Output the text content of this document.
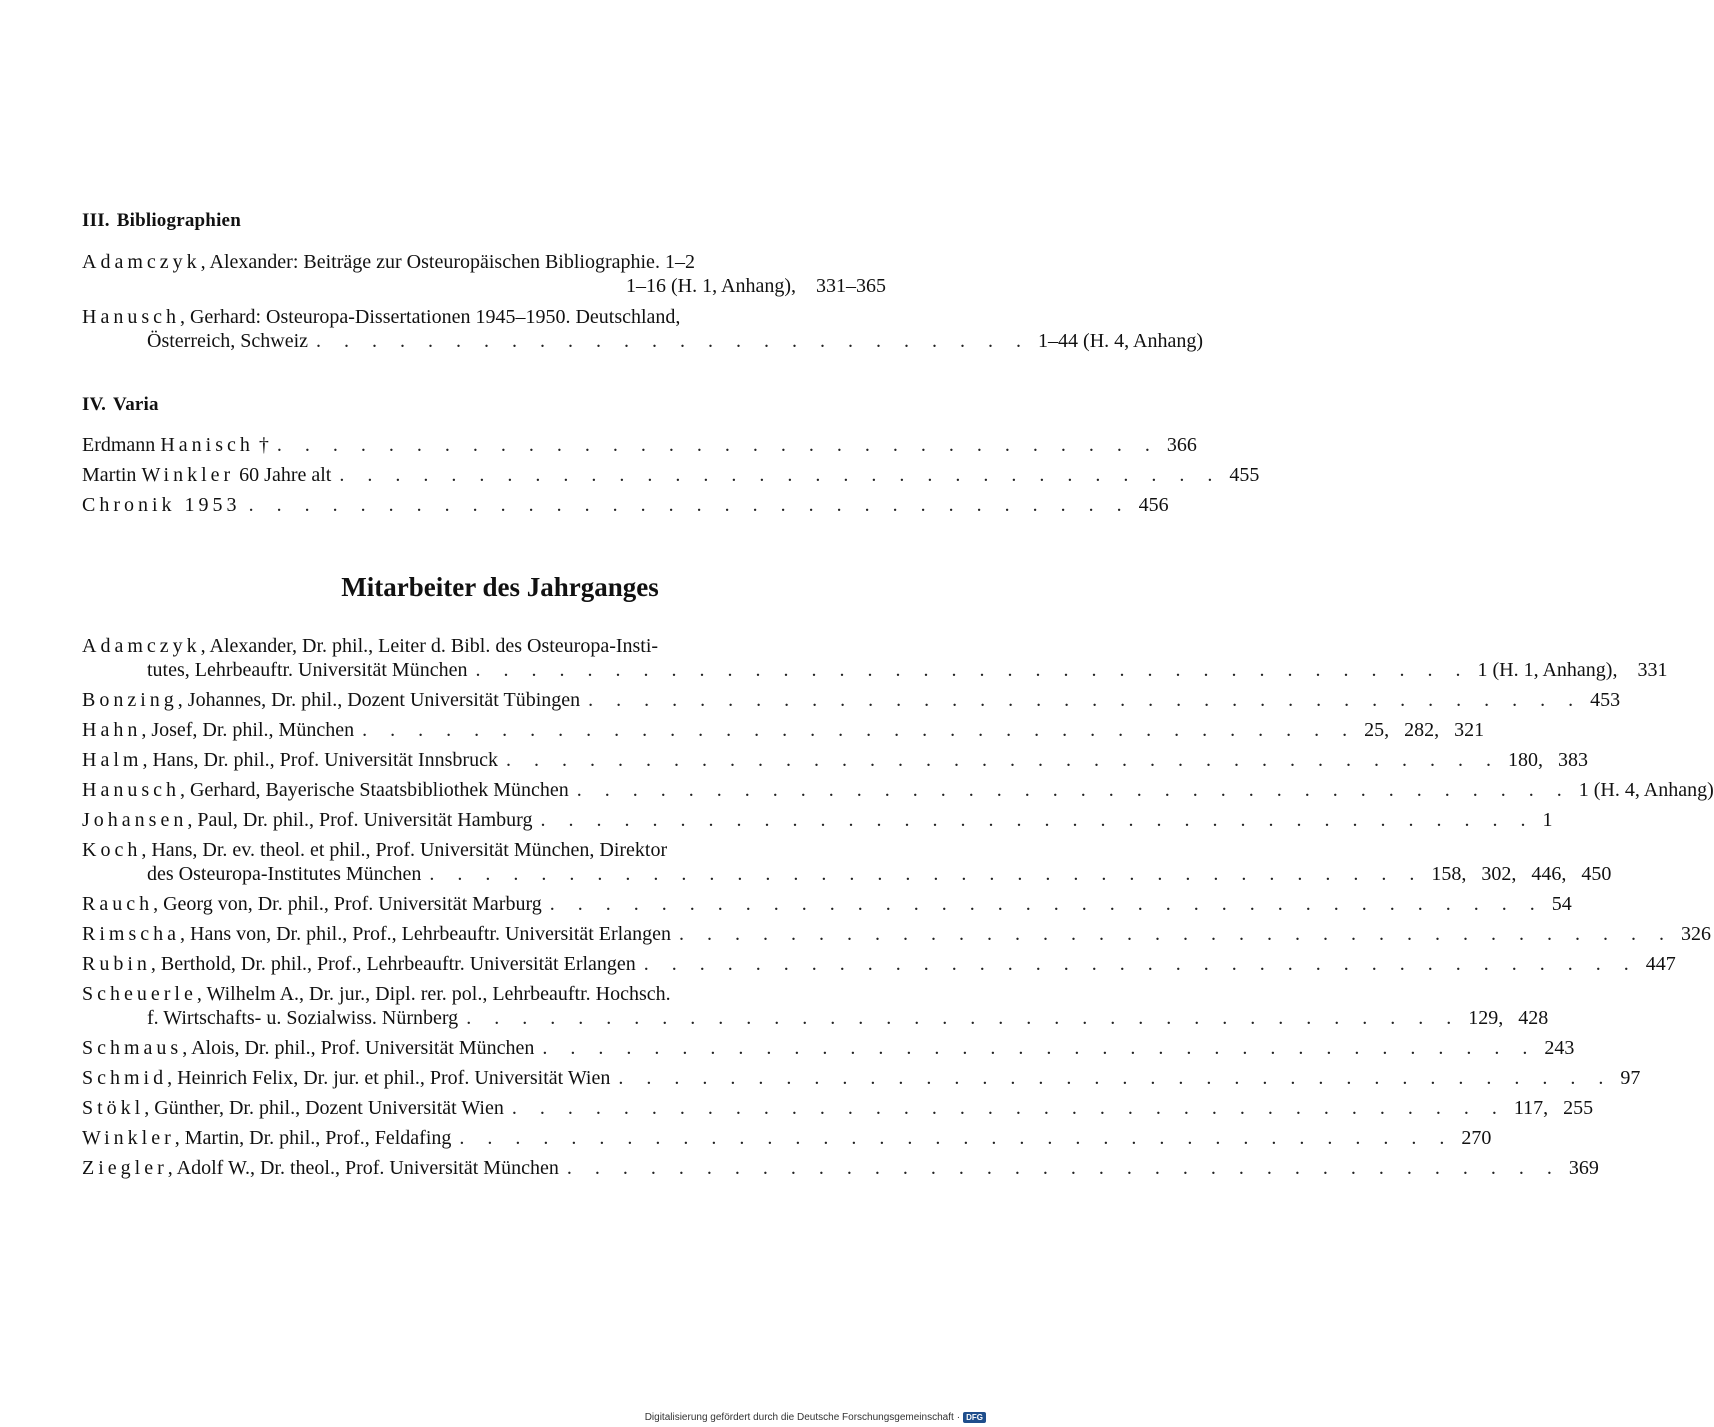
III. Bibliographien
Adamczyk , Alexander: Beiträge zur Osteuropäischen Bibliographie. 1–2
1–16 (H. 1, Anhang),    331–365
Hanusch , Gerhard: Osteuropa-Dissertationen 1945–1950. Deutschland,
Österreich, Schweiz . . . . . . . . . . . . . . . . . . . . . . . . . . 1–44 (H. 4, Anhang)
IV. Varia
Erdmann Hanisch † . . . . . . . . . . . . . . . . . . . . . . . . . . . . . . . . 366
Martin Winkler 60 Jahre alt . . . . . . . . . . . . . . . . . . . . . . . . . . . . . . . . 455
Chronik 1953 . . . . . . . . . . . . . . . . . . . . . . . . . . . . . . . . 456
Mitarbeiter des Jahrganges
Adamczyk , Alexander, Dr. phil., Leiter d. Bibl. des Osteuropa-Insti-
tutes, Lehrbeauftr. Universität München . . . . . . . . . . . . . . . . . . . . . . . . . . . . . . . . . . . . 1 (H. 1, Anhang),    331
Bonzing , Johannes, Dr. phil., Dozent Universität Tübingen . . . . . . . . . . . . . . . . . . . . . . . . . . . . . . . . . . . . 453
Hahn , Josef, Dr. phil., München . . . . . . . . . . . . . . . . . . . . . . . . . . . . . . . . . . . . 25,   282,   321
Halm , Hans, Dr. phil., Prof. Universität Innsbruck . . . . . . . . . . . . . . . . . . . . . . . . . . . . . . . . . . . . 180,   383
Hanusch , Gerhard, Bayerische Staatsbibliothek München . . . . . . . . . . . . . . . . . . . . . . . . . . . . . . . . . . . . 1 (H. 4, Anhang)
Johansen , Paul, Dr. phil., Prof. Universität Hamburg . . . . . . . . . . . . . . . . . . . . . . . . . . . . . . . . . . . . 1
Koch , Hans, Dr. ev. theol. et phil., Prof. Universität München, Direktor
des Osteuropa-Institutes München . . . . . . . . . . . . . . . . . . . . . . . . . . . . . . . . . . . . 158,   302,   446,   450
Rauch , Georg von, Dr. phil., Prof. Universität Marburg . . . . . . . . . . . . . . . . . . . . . . . . . . . . . . . . . . . . 54
Rimscha , Hans von, Dr. phil., Prof., Lehrbeauftr. Universität Erlangen . . . . . . . . . . . . . . . . . . . . . . . . . . . . . . . . . . . . 326
Rubin , Berthold, Dr. phil., Prof., Lehrbeauftr. Universität Erlangen . . . . . . . . . . . . . . . . . . . . . . . . . . . . . . . . . . . . 447
Scheuerle , Wilhelm A., Dr. jur., Dipl. rer. pol., Lehrbeauftr. Hochsch.
f. Wirtschafts- u. Sozialwiss. Nürnberg . . . . . . . . . . . . . . . . . . . . . . . . . . . . . . . . . . . . 129,   428
Schmaus , Alois, Dr. phil., Prof. Universität München . . . . . . . . . . . . . . . . . . . . . . . . . . . . . . . . . . . . 243
Schmid , Heinrich Felix, Dr. jur. et phil., Prof. Universität Wien . . . . . . . . . . . . . . . . . . . . . . . . . . . . . . . . . . . . 97
Stökl , Günther, Dr. phil., Dozent Universität Wien . . . . . . . . . . . . . . . . . . . . . . . . . . . . . . . . . . . . 117,   255
Winkler , Martin, Dr. phil., Prof., Feldafing . . . . . . . . . . . . . . . . . . . . . . . . . . . . . . . . . . . . 270
Ziegler , Adolf W., Dr. theol., Prof. Universität München . . . . . . . . . . . . . . . . . . . . . . . . . . . . . . . . . . . . 369
Digitalisierung gefördert durch die Deutsche Forschungsgemeinschaft · DFG
